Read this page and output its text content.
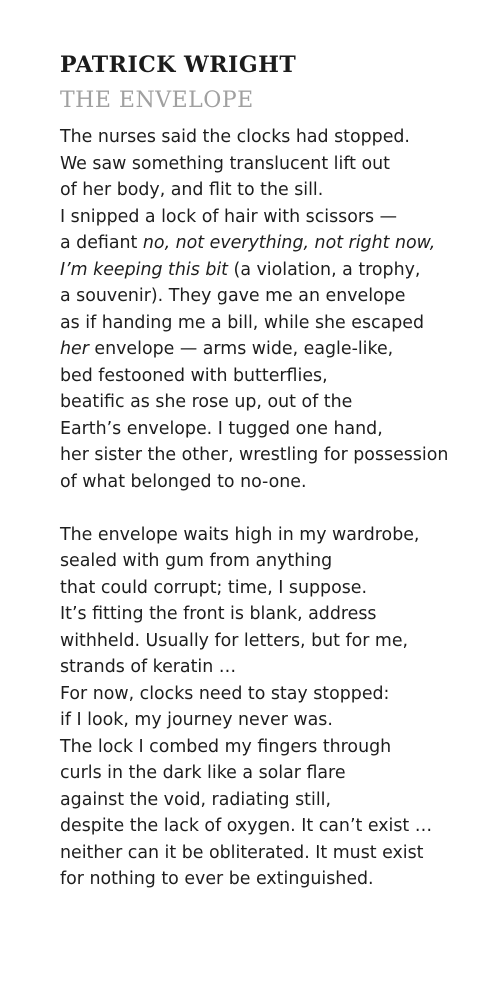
PATRICK WRIGHT
THE ENVELOPE
The nurses said the clocks had stopped.
We saw something translucent lift out
of her body, and flit to the sill.
I snipped a lock of hair with scissors —
a defiant no, not everything, not right now,
I’m keeping this bit (a violation, a trophy,
a souvenir). They gave me an envelope
as if handing me a bill, while she escaped
her envelope — arms wide, eagle-like,
bed festooned with butterflies,
beatific as she rose up, out of the
Earth’s envelope. I tugged one hand,
her sister the other, wrestling for possession
of what belonged to no-one.
The envelope waits high in my wardrobe,
sealed with gum from anything
that could corrupt; time, I suppose.
It’s fitting the front is blank, address
withheld. Usually for letters, but for me,
strands of keratin …
For now, clocks need to stay stopped:
if I look, my journey never was.
The lock I combed my fingers through
curls in the dark like a solar flare
against the void, radiating still,
despite the lack of oxygen. It can’t exist …
neither can it be obliterated. It must exist
for nothing to ever be extinguished.
